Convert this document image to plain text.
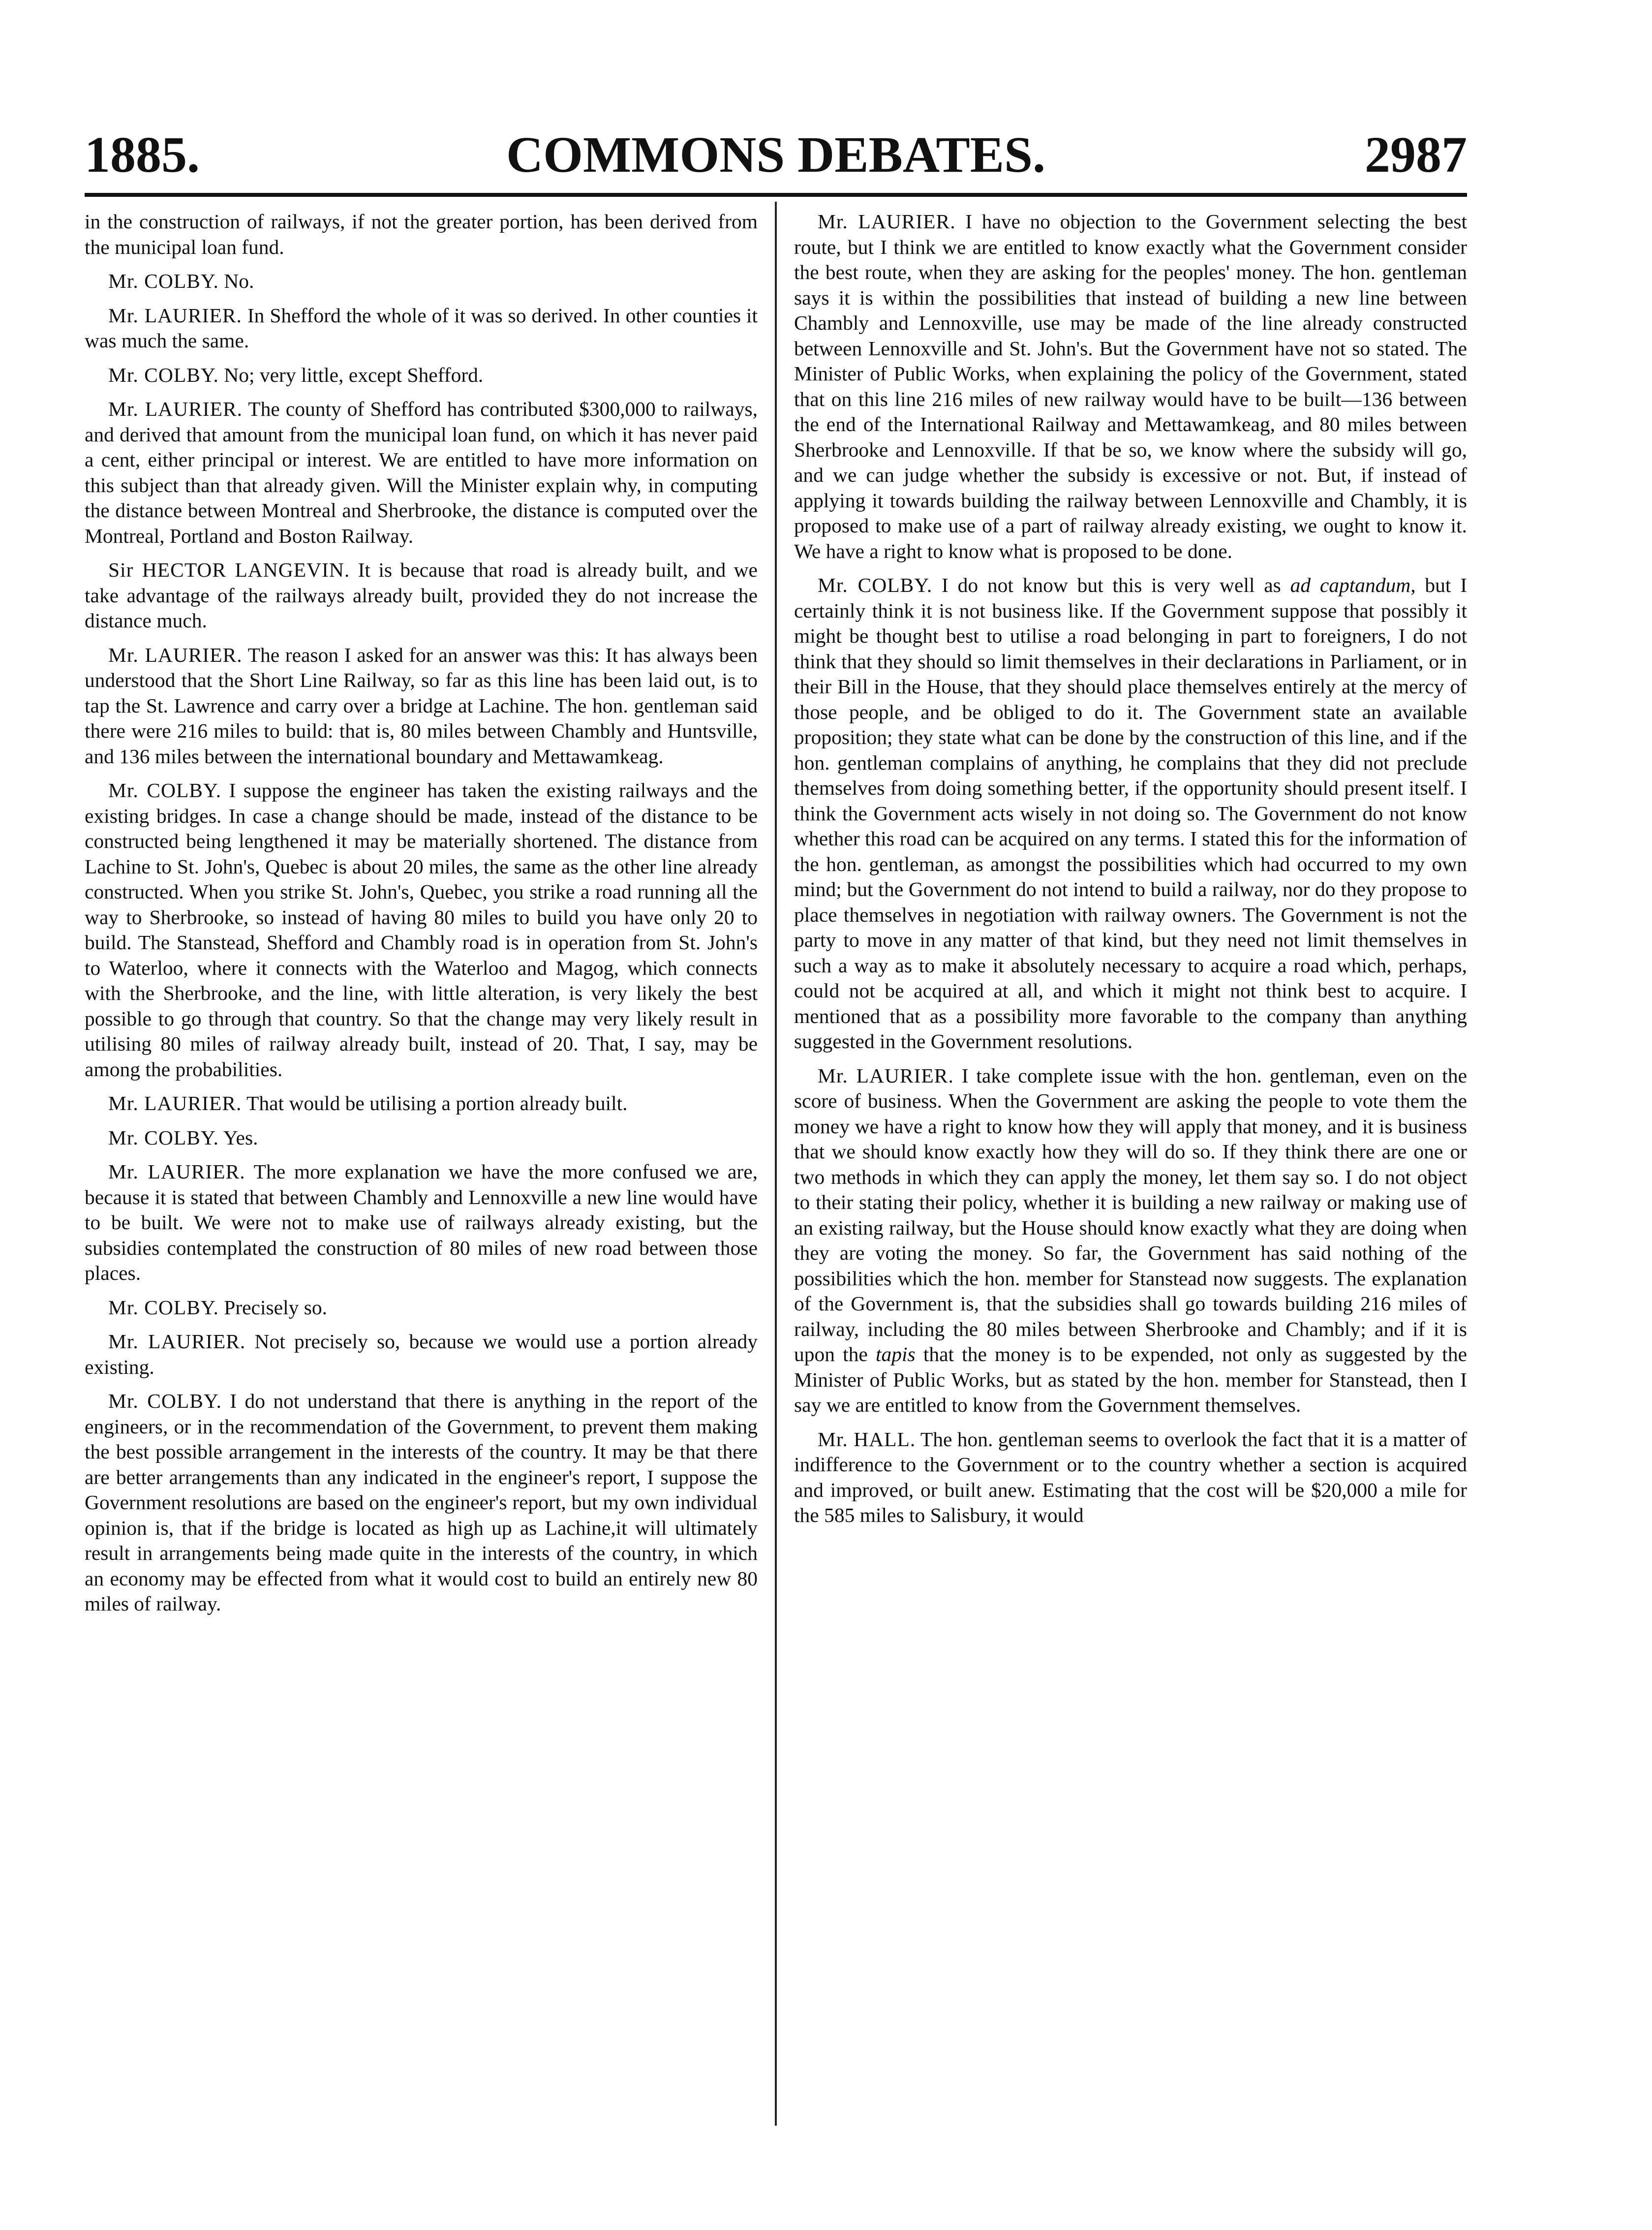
1885.	COMMONS DEBATES.	2987

in the construction of railways, if not the greater portion, has been derived from the municipal loan fund.

Mr. COLBY. No.

Mr. LAURIER. In Shefford the whole of it was so derived. In other counties it was much the same.

Mr. COLBY. No; very little, except Shefford.

Mr. LAURIER. The county of Shefford has contributed $300,000 to railways, and derived that amount from the municipal loan fund, on which it has never paid a cent, either principal or interest. We are entitled to have more information on this subject than that already given. Will the Minister explain why, in computing the distance between Montreal and Sherbrooke, the distance is computed over the Montreal, Portland and Boston Railway.

Sir HECTOR LANGEVIN. It is because that road is already built, and we take advantage of the railways already built, provided they do not increase the distance much.

Mr. LAURIER. The reason I asked for an answer was this: It has always been understood that the Short Line Railway, so far as this line has been laid out, is to tap the St. Lawrence and carry over a bridge at Lachine. The hon. gentleman said there were 216 miles to build: that is, 80 miles between Chambly and Huntsville, and 136 miles between the international boundary and Mettawamkeag.

Mr. COLBY. I suppose the engineer has taken the existing railways and the existing bridges. In case a change should be made, instead of the distance to be constructed being lengthened it may be materially shortened. The distance from Lachine to St. John's, Quebec is about 20 miles, the same as the other line already constructed. When you strike St. John's, Quebec, you strike a road running all the way to Sherbrooke, so instead of having 80 miles to build you have only 20 to build. The Stanstead, Shefford and Chambly road is in operation from St. John's to Waterloo, where it connects with the Waterloo and Magog, which connects with the Sherbrooke, and the line, with little alteration, is very likely the best possible to go through that country. So that the change may very likely result in utilising 80 miles of railway already built, instead of 20. That, I say, may be among the probabilities.

Mr. LAURIER. That would be utilising a portion already built.

Mr. COLBY. Yes.

Mr. LAURIER. The more explanation we have the more confused we are, because it is stated that between Chambly and Lennoxville a new line would have to be built. We were not to make use of railways already existing, but the subsidies contemplated the construction of 80 miles of new road between those places.

Mr. COLBY. Precisely so.

Mr. LAURIER. Not precisely so, because we would use a portion already existing.

Mr. COLBY. I do not understand that there is anything in the report of the engineers, or in the recommendation of the Government, to prevent them making the best possible arrangement in the interests of the country. It may be that there are better arrangements than any indicated in the engineer's report, I suppose the Government resolutions are based on the engineer's report, but my own individual opinion is, that if the bridge is located as high up as Lachine,it will ultimately result in arrangements being made quite in the interests of the country, in which an economy may be effected from what it would cost to build an entirely new 80 miles of railway.

Mr. LAURIER. I have no objection to the Government selecting the best route, but I think we are entitled to know exactly what the Government consider the best route, when they are asking for the peoples' money. The hon. gentleman says it is within the possibilities that instead of building a new line between Chambly and Lennoxville, use may be made of the line already constructed between Lennoxville and St. John's. But the Government have not so stated. The Minister of Public Works, when explaining the policy of the Government, stated that on this line 216 miles of new railway would have to be built—136 between the end of the International Railway and Mettawamkeag, and 80 miles between Sherbrooke and Lennoxville. If that be so, we know where the subsidy will go, and we can judge whether the subsidy is excessive or not. But, if instead of applying it towards building the railway between Lennoxville and Chambly, it is proposed to make use of a part of railway already existing, we ought to know it. We have a right to know what is proposed to be done.

Mr. COLBY. I do not know but this is very well as ad captandum, but I certainly think it is not business like. If the Government suppose that possibly it might be thought best to utilise a road belonging in part to foreigners, I do not think that they should so limit themselves in their declarations in Parliament, or in their Bill in the House, that they should place themselves entirely at the mercy of those people, and be obliged to do it. The Government state an available proposition; they state what can be done by the construction of this line, and if the hon. gentleman complains of anything, he complains that they did not preclude themselves from doing something better, if the opportunity should present itself. I think the Government acts wisely in not doing so. The Government do not know whether this road can be acquired on any terms. I stated this for the information of the hon. gentleman, as amongst the possibilities which had occurred to my own mind; but the Government do not intend to build a railway, nor do they propose to place themselves in negotiation with railway owners. The Government is not the party to move in any matter of that kind, but they need not limit themselves in such a way as to make it absolutely necessary to acquire a road which, perhaps, could not be acquired at all, and which it might not think best to acquire. I mentioned that as a possibility more favorable to the company than anything suggested in the Government resolutions.

Mr. LAURIER. I take complete issue with the hon. gentleman, even on the score of business. When the Government are asking the people to vote them the money we have a right to know how they will apply that money, and it is business that we should know exactly how they will do so. If they think there are one or two methods in which they can apply the money, let them say so. I do not object to their stating their policy, whether it is building a new railway or making use of an existing railway, but the House should know exactly what they are doing when they are voting the money. So far, the Government has said nothing of the possibilities which the hon. member for Stanstead now suggests. The explanation of the Government is, that the subsidies shall go towards building 216 miles of railway, including the 80 miles between Sherbrooke and Chambly; and if it is upon the tapis that the money is to be expended, not only as suggested by the Minister of Public Works, but as stated by the hon. member for Stanstead, then I say we are entitled to know from the Government themselves.

Mr. HALL. The hon. gentleman seems to overlook the fact that it is a matter of indifference to the Government or to the country whether a section is acquired and improved, or built anew. Estimating that the cost will be $20,000 a mile for the 585 miles to Salisbury, it would
